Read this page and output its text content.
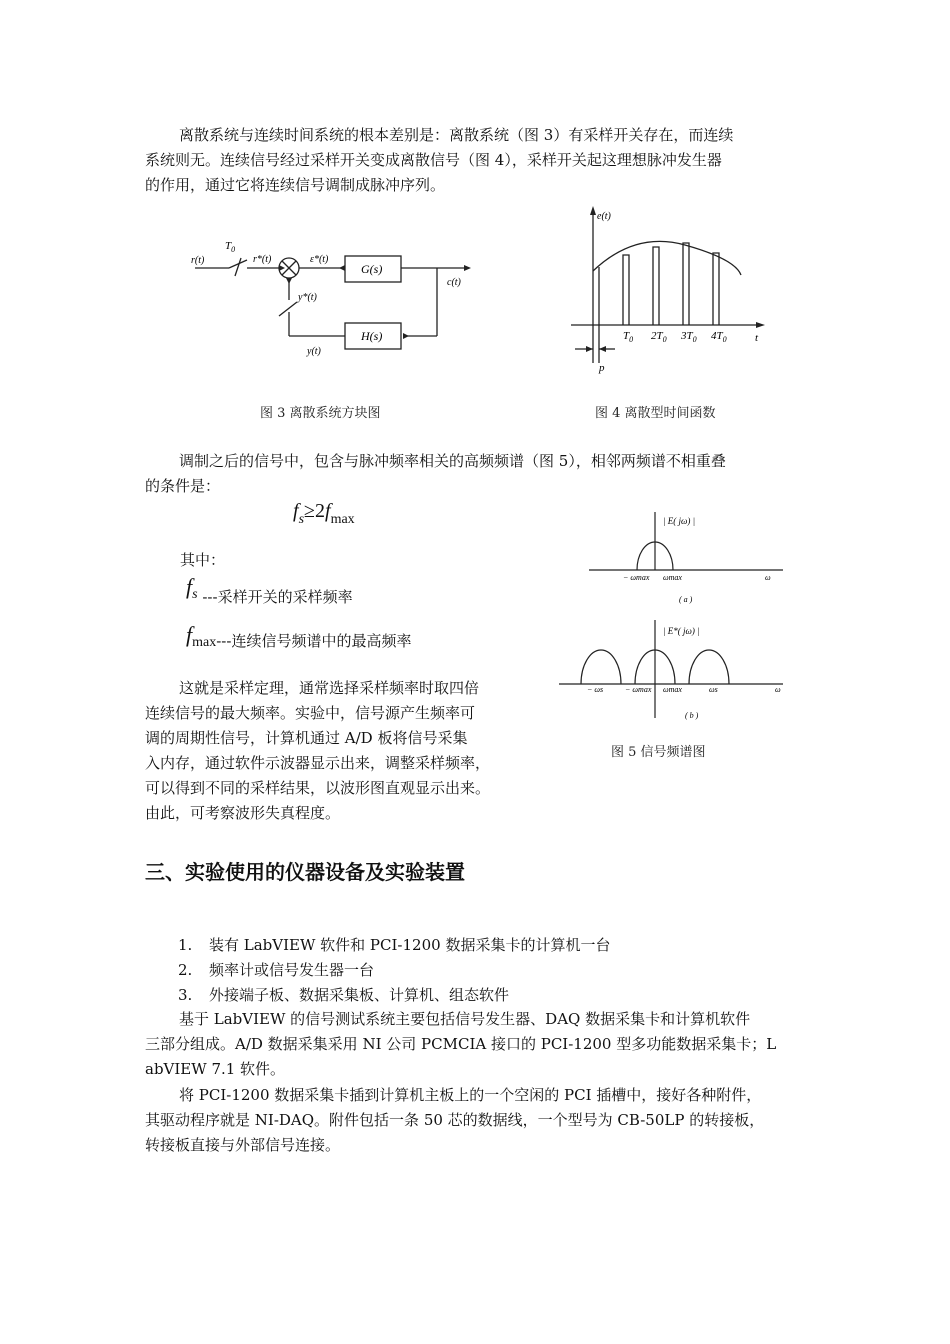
离散系统与连续时间系统的根本差别是：离散系统（图 3）有采样开关存在，而连续
系统则无。连续信号经过采样开关变成离散信号（图 4），采样开关起这理想脉冲发生器
的作用，通过它将连续信号调制成脉冲序列。
r(t)
$T_0$
r*(t)	ε*(t)
G(s)
c(t)
y*(t)
H(s)
y(t)
图 3 离散系统方块图
e(t)
t
p
$T_0$ $2T_0$ $3T_0$ $4T_0$
图 4 离散型时间函数
调制之后的信号中，包含与脉冲频率相关的高频频谱（图 5），相邻两频谱不相重叠
的条件是：
$f_s\ge 2f_{max}$
其中：
fs ---采样开关的采样频率
fmax---连续信号频谱中的最高频率
这就是采样定理，通常选择采样频率时取四倍
连续信号的最大频率。实验中，信号源产生频率可
调的周期性信号，计算机通过 A/D 板将信号采集
入内存，通过软件示波器显示出来，调整采样频率，
可以得到不同的采样结果，以波形图直观显示出来。
由此，可考察波形失真程度。
| E( jω) |
− ωmax ωmax	ω
( a )
| E*( jω) |
− ωs	− ωmax ωmax	ωs	ω
( b )
图 5 信号频谱图
三、实验使用的仪器设备及实验装置
1. 装有 LabVIEW 软件和 PCI-1200 数据采集卡的计算机一台
2. 频率计或信号发生器一台
3. 外接端子板、数据采集板、计算机、组态软件
基于 LabVIEW 的信号测试系统主要包括信号发生器、DAQ 数据采集卡和计算机软件
三部分组成。A/D 数据采集采用 NI 公司 PCMCIA 接口的 PCI-1200 型多功能数据采集卡；L
abVIEW 7.1 软件。
将 PCI-1200 数据采集卡插到计算机主板上的一个空闲的 PCI 插槽中，接好各种附件，
其驱动程序就是 NI-DAQ。附件包括一条 50 芯的数据线，一个型号为 CB-50LP 的转接板，
转接板直接与外部信号连接。
